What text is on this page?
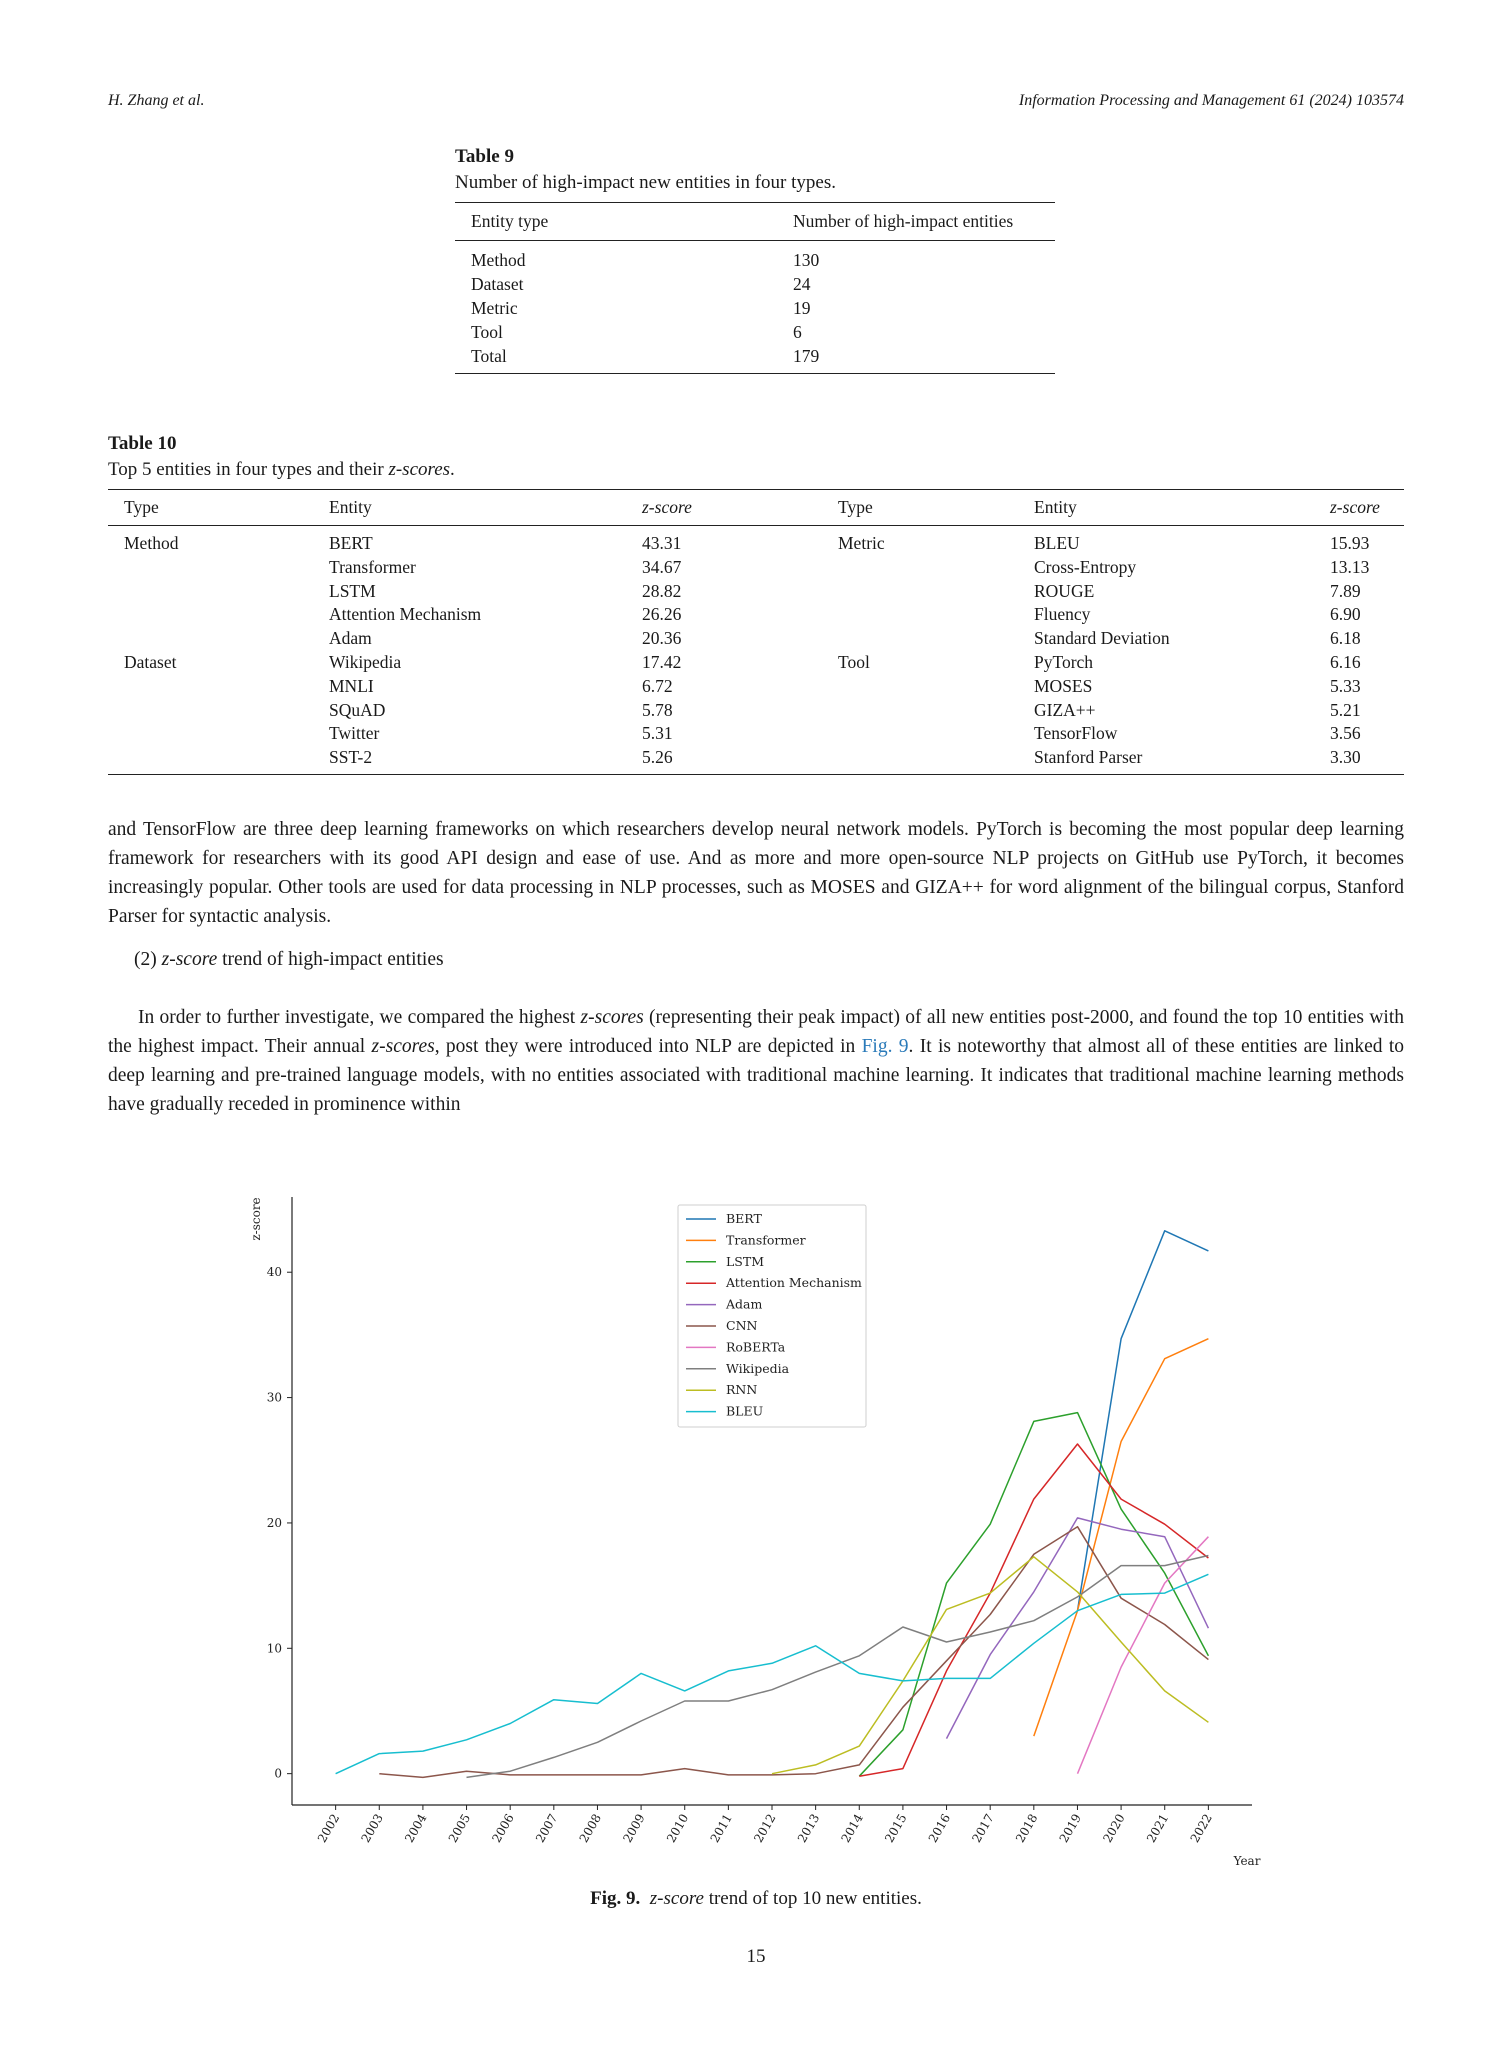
H. Zhang et al.	Information Processing and Management 61 (2024) 103574
Table 9
Number of high-impact new entities in four types.
Entity type	Number of high-impact entities
Method	130
Dataset	24
Metric	19
Tool	6
Total	179
Table 10
Top 5 entities in four types and their z-scores.
Type	Entity	z-score	Type	Entity	z-score
Method	BERT	43.31	Metric	BLEU	15.93
	Transformer	34.67		Cross-Entropy	13.13
	LSTM	28.82		ROUGE	7.89
	Attention Mechanism	26.26		Fluency	6.90
	Adam	20.36		Standard Deviation	6.18
Dataset	Wikipedia	17.42	Tool	PyTorch	6.16
	MNLI	6.72		MOSES	5.33
	SQuAD	5.78		GIZA++	5.21
	Twitter	5.31		TensorFlow	3.56
	SST-2	5.26		Stanford Parser	3.30

and TensorFlow are three deep learning frameworks on which researchers develop neural network models. PyTorch is becoming the most popular deep learning framework for researchers with its good API design and ease of use. And as more and more open-source NLP projects on GitHub use PyTorch, it becomes increasingly popular. Other tools are used for data processing in NLP processes, such as MOSES and GIZA++ for word alignment of the bilingual corpus, Stanford Parser for syntactic analysis.

(2) z-score trend of high-impact entities

In order to further investigate, we compared the highest z-scores (representing their peak impact) of all new entities post-2000, and found the top 10 entities with the highest impact. Their annual z-scores, post they were introduced into NLP are depicted in Fig. 9. It is noteworthy that almost all of these entities are linked to deep learning and pre-trained language models, with no entities associated with traditional machine learning. It indicates that traditional machine learning methods have gradually receded in prominence within

0
10
20
30
40
z-score
2002 2003 2004 2005 2006 2007 2008 2009 2010 2011 2012 2013 2014 2015 2016 2017 2018 2019 2020 2021 2022
Year
BERT
Transformer
LSTM
Attention Mechanism
Adam
CNN
RoBERTa
Wikipedia
RNN
BLEU
Fig. 9. z-score trend of top 10 new entities.
15
